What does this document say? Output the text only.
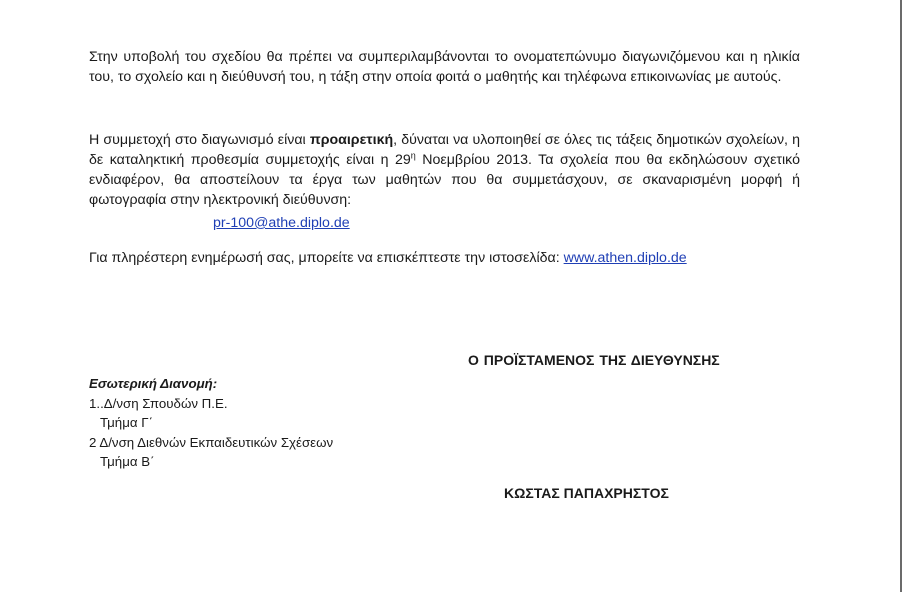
Στην υποβολή του σχεδίου θα πρέπει να συμπεριλαμβάνονται το ονοματεπώνυμο διαγωνιζόμενου και η ηλικία του, το σχολείο και η διεύθυνσή του, η τάξη στην οποία φοιτά ο μαθητής και τηλέφωνα επικοινωνίας με αυτούς.

Η συμμετοχή στο διαγωνισμό είναι προαιρετική, δύναται να υλοποιηθεί σε όλες τις τάξεις δημοτικών σχολείων, η δε καταληκτική προθεσμία συμμετοχής είναι η $29^\eta$ Νοεμβρίου 2013. Τα σχολεία που θα εκδηλώσουν σχετικό ενδιαφέρον, θα αποστείλουν τα έργα των μαθητών που θα συμμετάσχουν, σε σκαναρισμένη μορφή ή φωτογραφία στην ηλεκτρονική διεύθυνση:

pr-100@athe.diplo.de

Για πληρέστερη ενημέρωσή σας, μπορείτε να επισκέπτεστε την ιστοσελίδα: www.athen.diplo.de

Ο ΠΡΟΪΣΤΑΜΕΝΟΣ ΤΗΣ ΔΙΕΥΘΥΝΣΗΣ
Εσωτερική Διανομή:
1..Δ/νση Σπουδών Π.Ε.
Τμήμα Γ΄
2 Δ/νση Διεθνών Εκπαιδευτικών Σχέσεων
Τμήμα Β΄
ΚΩΣΤΑΣ ΠΑΠΑΧΡΗΣΤΟΣ
